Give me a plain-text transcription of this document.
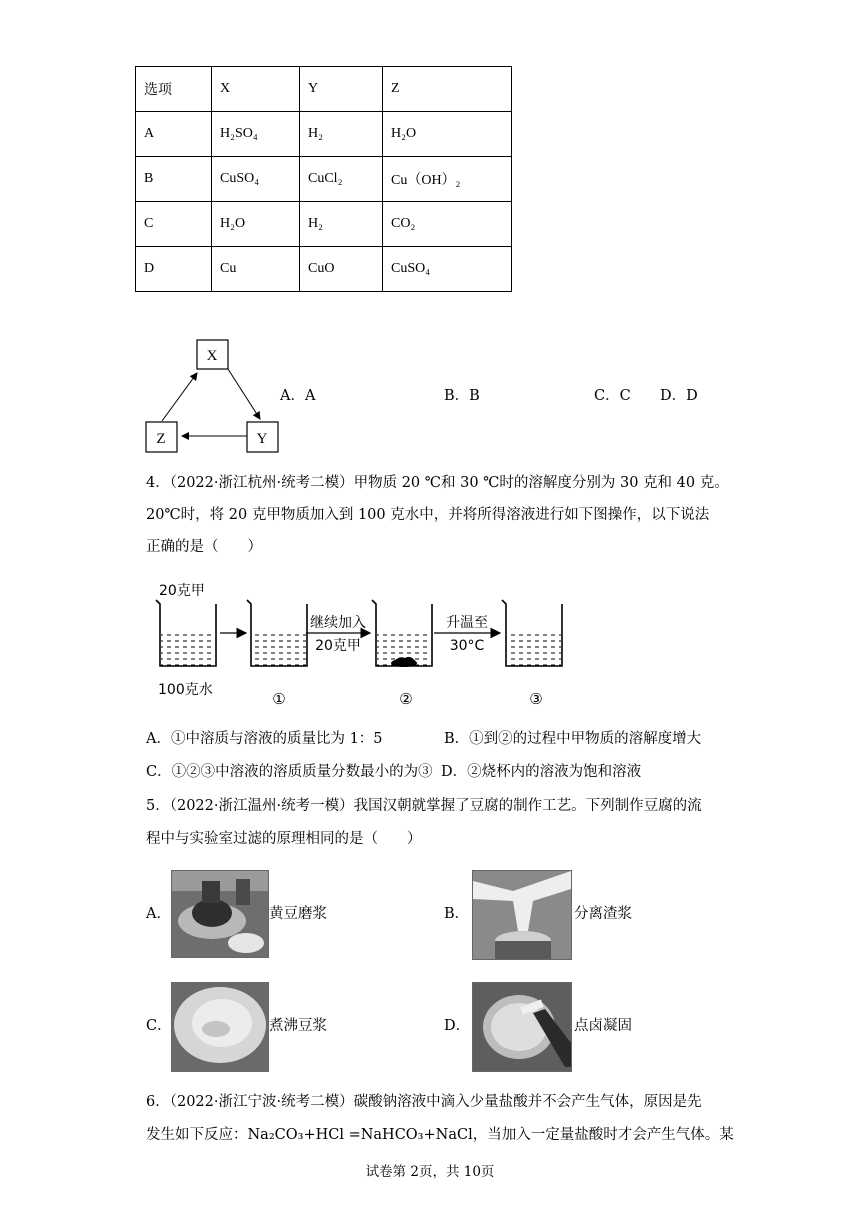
选项	X	Y	Z
A	H₂SO₄	H₂	H₂O
B	CuSO₄	CuCl₂	Cu（OH）₂
C	H₂O	H₂	CO₂
D	Cu	CuO	CuSO₄
X
Y
Z
A．A	B．B	C．C D．D
4．（2022·浙江杭州·统考二模）甲物质 20 ℃和 30 ℃时的溶解度分别为 30 克和 40 克。
20℃时，将 20 克甲物质加入到 100 克水中，并将所得溶液进行如下图操作，以下说法
正确的是（　　）
20克甲
100克水
继续加入
20克甲
升温至
30°C
①	②	③
A．①中溶质与溶液的质量比为 1：5	B．①到②的过程中甲物质的溶解度增大
C．①②③中溶液的溶质质量分数最小的为③ D．②烧杯内的溶液为饱和溶液
5．（2022·浙江温州·统考一模）我国汉朝就掌握了豆腐的制作工艺。下列制作豆腐的流
程中与实验室过滤的原理相同的是（　　）
A．	黄豆磨浆	B．	分离渣浆
C．	煮沸豆浆	D．	点卤凝固
6．（2022·浙江宁波·统考二模）碳酸钠溶液中滴入少量盐酸并不会产生气体，原因是先
发生如下反应：Na₂CO₃+HCl =NaHCO₃+NaCl，当加入一定量盐酸时才会产生气体。某
试卷第 2页，共 10页
